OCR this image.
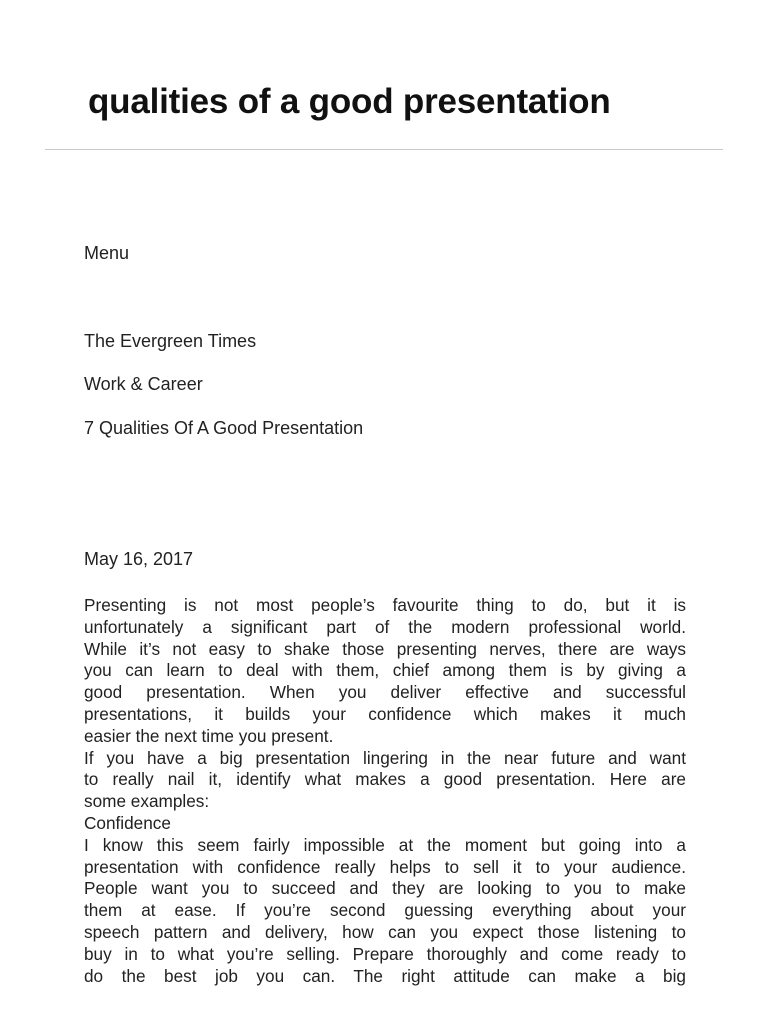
qualities of a good presentation
Menu
The Evergreen Times
Work & Career
7 Qualities Of A Good Presentation
May 16, 2017
Presenting is not most people’s favourite thing to do, but it is
unfortunately a significant part of the modern professional world.
While it’s not easy to shake those presenting nerves, there are ways
you can learn to deal with them, chief among them is by giving a
good presentation. When you deliver effective and successful
presentations, it builds your confidence which makes it much
easier the next time you present.
If you have a big presentation lingering in the near future and want
to really nail it, identify what makes a good presentation. Here are
some examples:
Confidence
I know this seem fairly impossible at the moment but going into a
presentation with confidence really helps to sell it to your audience.
People want you to succeed and they are looking to you to make
them at ease. If you’re second guessing everything about your
speech pattern and delivery, how can you expect those listening to
buy in to what you’re selling. Prepare thoroughly and come ready to
do the best job you can. The right attitude can make a big
